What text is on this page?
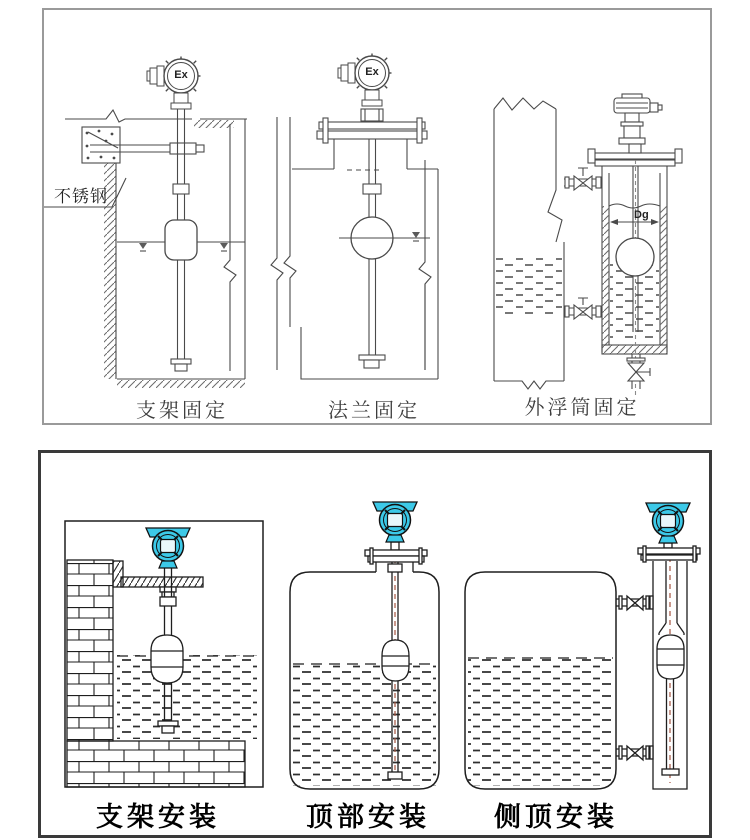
Ex	Ex
不锈钢
Dg
支架固定	法兰固定	外浮筒固定
支架安装	顶部安装	侧顶安装
